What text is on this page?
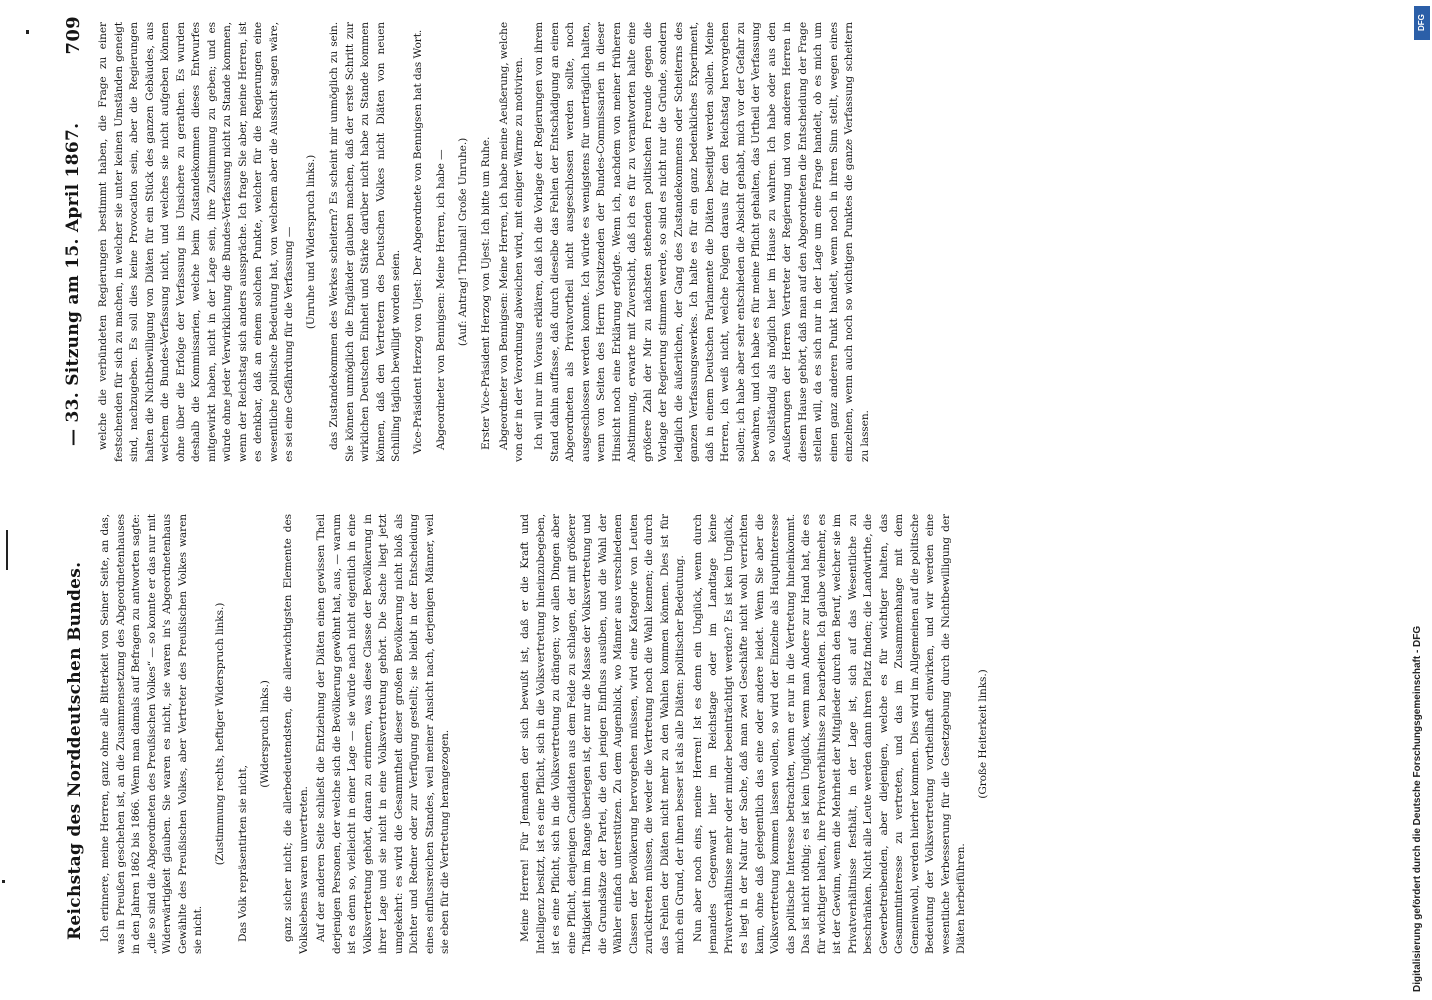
Reichstag des Norddeutschen Bundes. Ich erinnere, meine Herren, ganz ohne alle Bitterkeit von Seiner Seite, an das, was in Preußen geschehen ist, an die Zusammensetzung des Abgeordnetenhauses in den Jahren 1862 bis 1866. Wenn man damals auf Befragen zu antworten sagte: „die so sind die Abgeordneten des Preußischen Volkes“ — so konnte er das nur mit Widerwärtigkeit glauben. Sie waren es nicht, sie waren in's Abgeordnetenhaus Gewählte des Preußischen Volkes, aber Vertreter des Preußischen Volkes waren sie nicht.

(Zustimmung rechts, heftiger Widerspruch links.) Das Volk repräsentirten sie nicht,

(Widerspruch links.) ganz sicher nicht; die allerbedeutendsten, die allerwichtigsten Elemente des Volkslebens waren unvertreten. Auf der anderen Seite schließt die Entziehung der Diäten einen gewissen Theil derjenigen Personen, der welche sich die Bevölkerung gewöhnt hat, aus, — warum ist es denn so, vielleicht in einer Lage — sie würde nach nicht eigentlich in eine Volksvertretung gehört, daran zu erinnern, was diese Classe der Bevölkerung in ihrer Lage und sie nicht in eine Volksvertretung gehört. Die Sache liegt jetzt umgekehrt: es wird die Gesammtheit dieser großen Bevölkerung nicht bloß als Dichter und Redner oder zur Verfügung gestellt; sie bleibt in der Entscheidung eines einflussreichen Standes, weil meiner Ansicht nach, derjenigen Männer, weil sie eben für die Vertretung herangezogen.	Meine Herren! Für Jemanden der sich bewußt ist, daß er die Kraft und Intelligenz besitzt, ist es eine Pflicht, sich in die Volksvertretung hineinzubegeben, ist es eine Pflicht, sich in die Volksvertretung zu drängen; vor allen Dingen aber eine Pflicht, denjenigen Candidaten aus dem Felde zu schlagen, der mit größerer Thätigkeit ihm im Range überlegen ist, der nur die Masse der Volksvertretung und die Grundsätze der Partei, die den jenigen Einfluss ausüben, und die Wahl der Wähler einfach unterstützen. Zu dem Augenblick, wo Männer aus verschiedenen Classen der Bevölkerung hervorgehen müssen, wird eine Kategorie von Leuten zurücktreten müssen, die weder die Vertretung noch die Wahl kennen; die durch das Fehlen der Diäten nicht mehr zu den Wahlen kommen können. Dies ist für mich ein Grund, der ihnen besser ist als alle Diäten: politischer Bedeutung. Nun aber noch eins, meine Herren! Ist es denn ein Unglück, wenn durch jemandes Gegenwart hier im Reichstage oder im Landtage keine Privatverhältnisse mehr oder minder beeinträchtigt werden? Es ist kein Unglück, es liegt in der Natur der Sache, daß man zwei Geschäfte nicht wohl verrichten kann, ohne daß gelegentlich das eine oder andere leidet. Wenn Sie aber die Volksvertretung kommen lassen wollen, so wird der Einzelne als Hauptinteresse das politische Interesse betrachten, wenn er nur in die Vertretung hineinkommt. Das ist nicht nöthig; es ist kein Unglück, wenn man Andere zur Hand hat, die es für wichtiger halten, ihre Privatverhältnisse zu bearbeiten. Ich glaube vielmehr, es ist der Gewinn, wenn die Mehrheit der Mitglieder durch den Beruf, welcher sie im Privatverhältnisse festhält, in der Lage ist, sich auf das Wesentliche zu beschränken. Nicht alle Leute werden dann ihren Platz finden; die Landwirthe, die Gewerbetreibenden, aber diejenigen, welche es für wichtiger halten, das Gesammtinteresse zu vertreten, und das im Zusammenhange mit dem Gemeinwohl, werden hierher kommen. Dies wird im Allgemeinen auf die politische Bedeutung der Volksvertretung vortheilhaft einwirken, und wir werden eine wesentliche Verbesserung für die Gesetzgebung durch die Nichtbewilligung der Diäten herbeiführen.

(Große Heiterkeit links.)

— 33. Sitzung am 15. April 1867.
709 welche die verbündeten Regierungen bestimmt haben, die Frage zu einer festschenden für sich zu machen, in welcher sie unter keinen Umständen geneigt sind, nachzugeben. Es soll dies keine Provocation sein, aber die Regierungen halten die Nichtbewilligung von Diäten für ein Stück des ganzen Gebäudes, aus welchem die Bundes-Verfassung nicht, und welches sie nicht aufgeben können ohne über die Erfolge der Verfassung ins Unsichere zu gerathen. Es wurden deshalb die Kommissarien, welche beim Zustandekommen dieses Entwurfes mitgewirkt haben, nicht in der Lage sein, ihre Zustimmung zu geben; und es würde ohne jeder Verwirklichung die Bundes-Verfassung nicht zu Stande kommen, wenn der Reichstag sich anders ausspräche. Ich frage Sie aber, meine Herren, ist es denkbar, daß an einem solchen Punkte, welcher für die Regierungen eine wesentliche politische Bedeutung hat, von welchem aber die Aussicht sagen wäre, es sei eine Gefährdung für die Verfassung — (Unruhe und Widerspruch links.) das Zustandekommen des Werkes scheitern? Es scheint mir unmöglich zu sein. Sie können unmöglich die Engländer glauben machen, daß der erste Schritt zur wirklichen Deutschen Einheit und Stärke darüber nicht habe zu Stande kommen können, daß den Vertretern des Deutschen Volkes nicht Diäten von neuen Schilling täglich bewilligt worden seien. Vice-Präsident Herzog von Ujest: Der Abgeordnete von Bennigsen hat das Wort. Abgeordneter von Bennigsen: Meine Herren, ich habe — (Auf: Antrag! Tribunal! Große Unruhe.) Erster Vice-Präsident Herzog von Ujest: Ich bitte um Ruhe. Abgeordneter von Bennigsen: Meine Herren, ich habe meine Aeußerung, welche von der in der Verordnung abweichen wird, mit einiger Wärme zu motiviren. Ich will nur im Voraus erklären, daß ich die Vorlage der Regierungen von ihrem Stand dahin auffasse, daß durch dieselbe das Fehlen der Entschädigung an einen Abgeordneten als Privatvortheil nicht ausgeschlossen werden sollte, noch ausgeschlossen werden konnte. Ich würde es wenigstens für unerträglich halten, wenn von Seiten des Herrn Vorsitzenden der Bundes-Commissarien in dieser Hinsicht noch eine Erklärung erfolgte. Wenn ich, nachdem von meiner früheren Abstimmung, erwarte mit Zuversicht, daß ich es für zu verantworten halte eine größere Zahl der Mir zu nächsten stehenden politischen Freunde gegen die Vorlage der Regierung stimmen werde, so sind es nicht nur die Gründe, sondern lediglich die äußerlichen, der Gang des Zustandekommens oder Scheiterns des ganzen Verfassungswerkes. Ich halte es für ein ganz bedenkliches Experiment, daß in einem Deutschen Parlamente die Diäten beseitigt werden sollen. Meine Herren, ich weiß nicht, welche Folgen daraus für den Reichstag hervorgehen sollen; ich habe aber sehr entschieden die Absicht gehabt, mich vor der Gefahr zu bewahren, und ich habe es für meine Pflicht gehalten, das Urtheil der Verfassung so vollständig als möglich hier im Hause zu wahren. Ich habe oder aus den Aeußerungen der Herren Vertreter der Regierung und von anderen Herren in diesem Hause gehört, daß man auf den Abgeordneten die Entscheidung der Frage stellen will, da es sich nur in der Lage um eine Frage handelt, ob es mich um einen ganz anderen Punkt handelt, wenn noch in ihren Sinn stellt, wegen eines einzelnen, wenn auch noch so wichtigen Punktes die ganze Verfassung scheitern zu lassen.

Digitalisierung gefördert durch die Deutsche Forschungsgemeinschaft - DFG
DFG
